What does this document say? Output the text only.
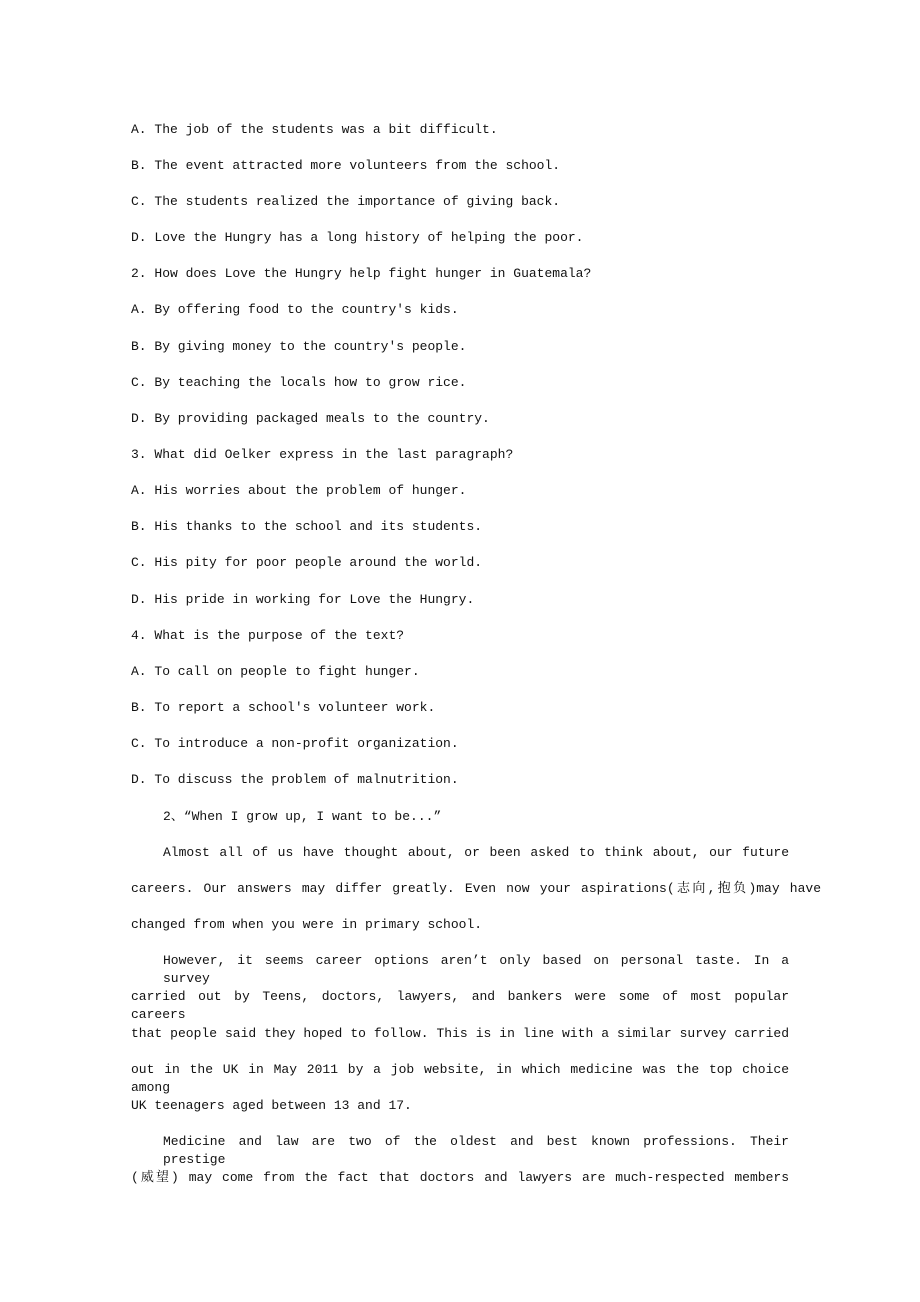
A. The job of the students was a bit difficult.
B. The event attracted more volunteers from the school.
C. The students realized the importance of giving back.
D. Love the Hungry has a long history of helping the poor.
2. How does Love the Hungry help fight hunger in Guatemala?
A. By offering food to the country's kids.
B. By giving money to the country's people.
C. By teaching the locals how to grow rice.
D. By providing packaged meals to the country.
3. What did Oelker express in the last paragraph?
A. His worries about the problem of hunger.
B. His thanks to the school and its students.
C. His pity for poor people around the world.
D. His pride in working for Love the Hungry.
4. What is the purpose of the text?
A. To call on people to fight hunger.
B. To report a school's volunteer work.
C. To introduce a non-profit organization.
D. To discuss the problem of malnutrition.
2、“When I grow up, I want to be...”
Almost all of us have thought about, or been asked to think about, our future
careers. Our answers may differ greatly. Even now your aspirations(志向,抱负)may have
changed from when you were in primary school.
However, it seems career options aren’t only based on personal taste. In a survey
carried out by Teens, doctors, lawyers, and bankers were some of most popular careers
that people said they hoped to follow. This is in line with a similar survey carried
out in the UK in May 2011 by a job website, in which medicine was the top choice among
UK teenagers aged between 13 and 17.
Medicine and law are two of the oldest and best known professions. Their prestige
(威望) may come from the fact that doctors and lawyers are much-respected members
